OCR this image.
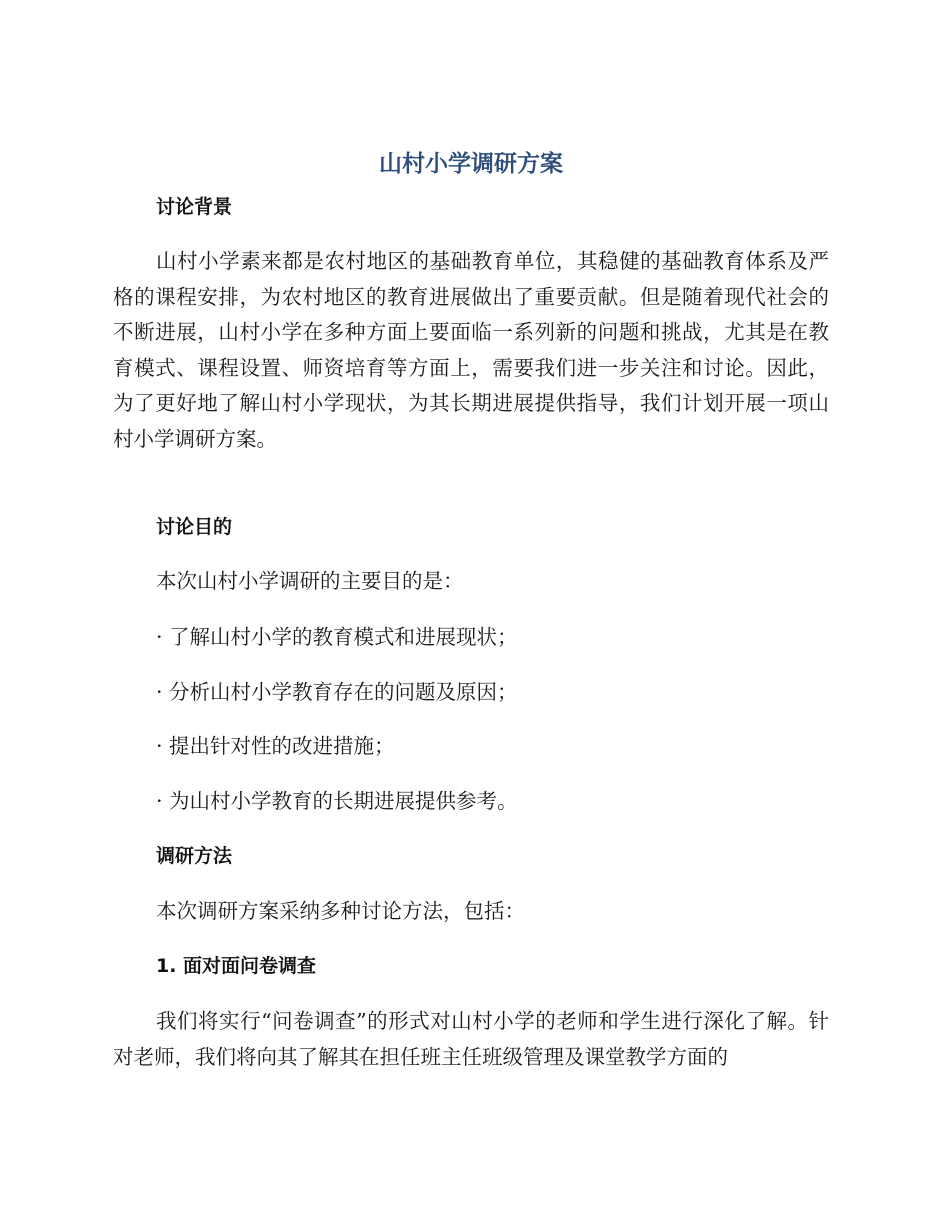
山村小学调研方案
讨论背景

山村小学素来都是农村地区的基础教育单位，其稳健的基础教育体系及严格的课程安排，为农村地区的教育进展做出了重要贡献。但是随着现代社会的不断进展，山村小学在多种方面上要面临一系列新的问题和挑战，尤其是在教育模式、课程设置、师资培育等方面上，需要我们进一步关注和讨论。因此，为了更好地了解山村小学现状，为其长期进展提供指导，我们计划开展一项山村小学调研方案。

讨论目的

本次山村小学调研的主要目的是：

· 了解山村小学的教育模式和进展现状；

· 分析山村小学教育存在的问题及原因；

· 提出针对性的改进措施；

· 为山村小学教育的长期进展提供参考。

调研方法

本次调研方案采纳多种讨论方法，包括：

1. 面对面问卷调查

我们将实行“问卷调查”的形式对山村小学的老师和学生进行深化了解。针对老师，我们将向其了解其在担任班主任班级管理及课堂教学方面的
